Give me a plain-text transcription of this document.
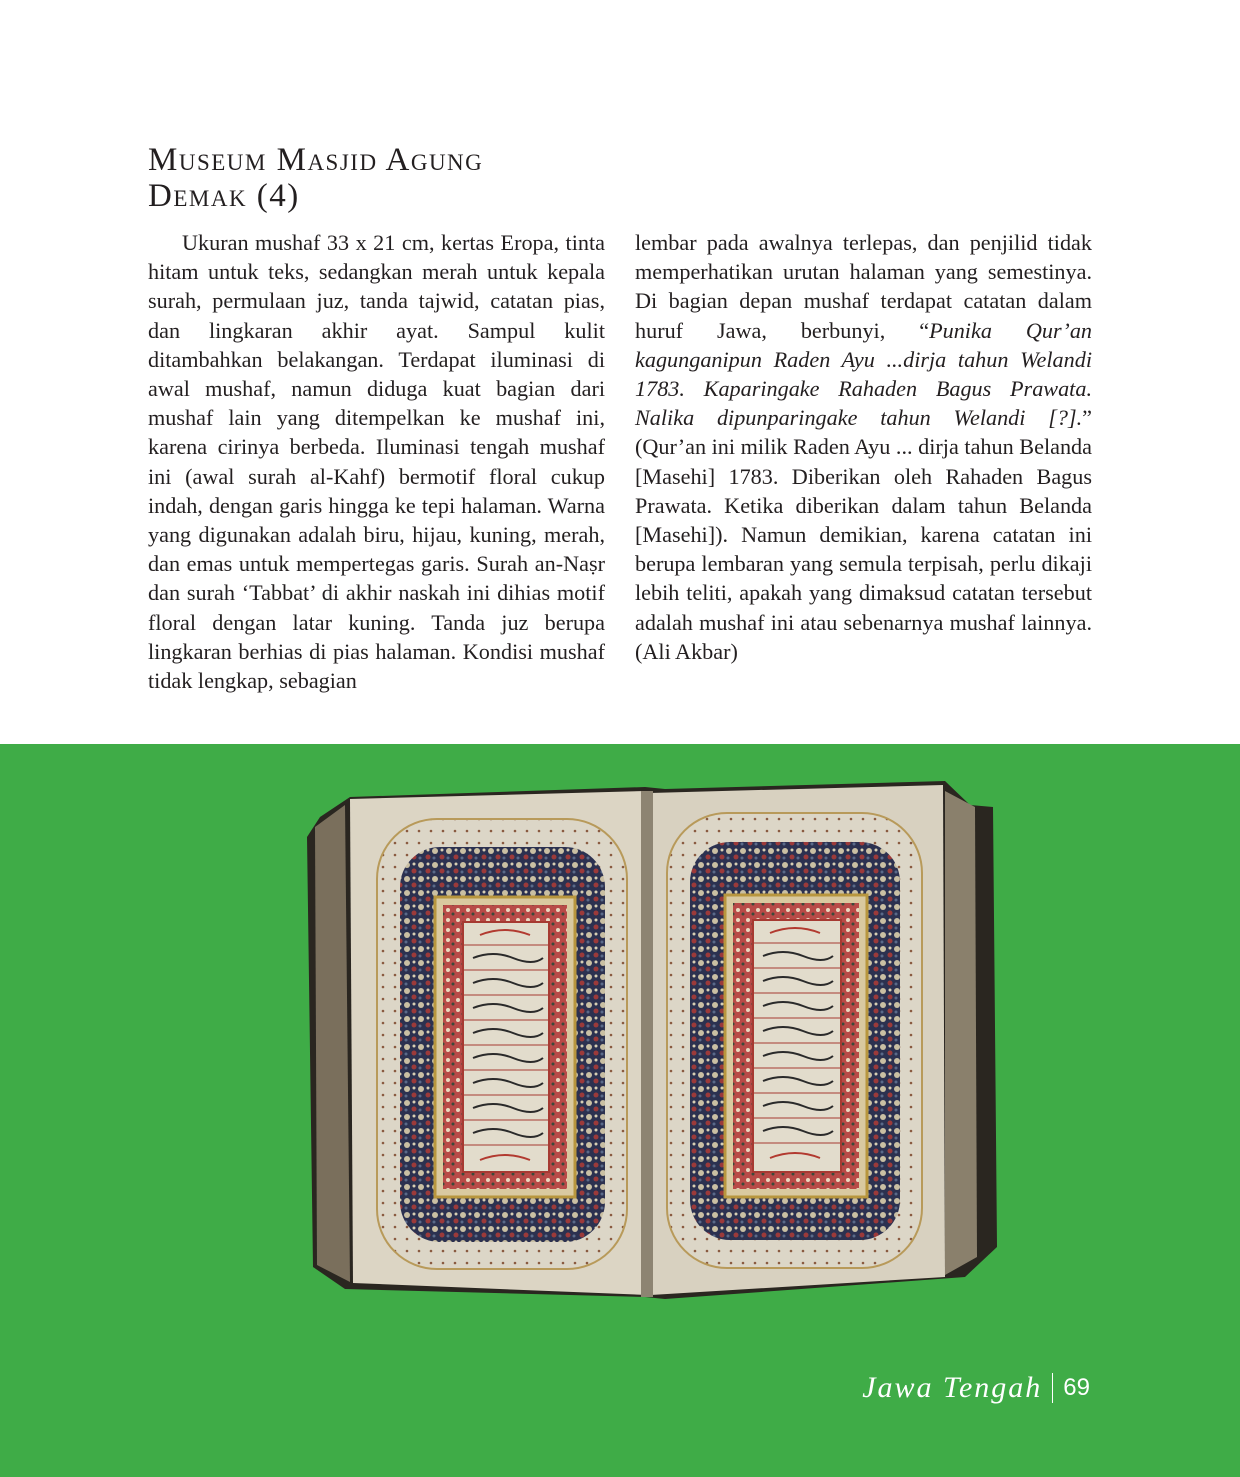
Museum Masjid Agung
Demak (4)

Ukuran mushaf 33 x 21 cm, kertas Eropa, tinta hitam untuk teks, sedangkan merah untuk kepala surah, permulaan juz, tanda tajwid, catatan pias, dan lingkaran akhir ayat. Sampul kulit ditambahkan belakangan. Terdapat iluminasi di awal mushaf, namun diduga kuat bagian dari mushaf lain yang ditempelkan ke mushaf ini, karena cirinya berbeda. Iluminasi tengah mushaf ini (awal surah al-Kahf) bermotif floral cukup indah, dengan garis hingga ke tepi halaman. Warna yang digunakan adalah biru, hijau, kuning, merah, dan emas untuk mempertegas garis. Surah an-Naṣr dan surah ‘Tabbat’ di akhir naskah ini dihias motif floral dengan latar kuning. Tanda juz berupa lingkaran berhias di pias halaman. Kondisi mushaf tidak lengkap, sebagian

lembar pada awalnya terlepas, dan penjilid tidak memperhatikan urutan halaman yang semestinya. Di bagian depan mushaf terdapat catatan dalam huruf Jawa, berbunyi, “Punika Qur’an kagunganipun Raden Ayu ...dirja tahun Welandi 1783. Kaparingake Rahaden Bagus Prawata. Nalika dipunparingake tahun Welandi [?].” (Qur’an ini milik Raden Ayu ... dirja tahun Belanda [Masehi] 1783. Diberikan oleh Rahaden Bagus Prawata. Ketika diberikan dalam tahun Belanda [Masehi]). Namun demikian, karena catatan ini berupa lembaran yang semula terpisah, perlu dikaji lebih teliti, apakah yang dimaksud catatan tersebut adalah mushaf ini atau sebenarnya mushaf lainnya. (Ali Akbar)

Jawa Tengah 69
